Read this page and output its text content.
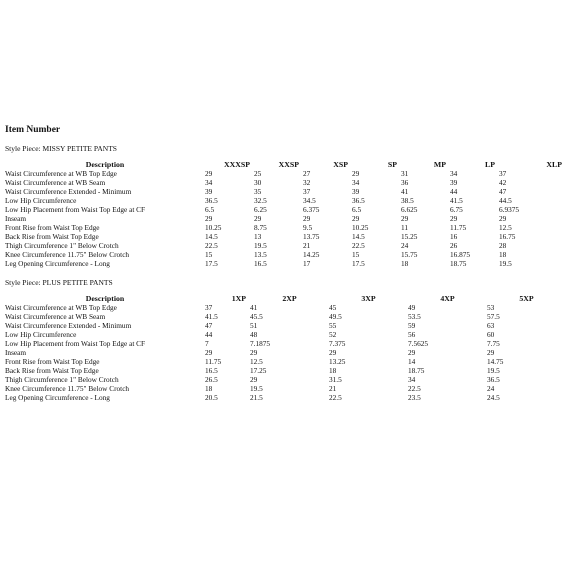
Item Number
Style Piece: MISSY PETITE PANTS
Description	XXXSP	XXSP	XSP	SP	MP	LP	XLP
Waist Circumference at WB Top Edge	29	25	27	29	31	34	37
Waist Circumference at WB Seam	34	30	32	34	36	39	42
Waist Circumference Extended - Minimum	39	35	37	39	41	44	47
Low Hip Circumference	36.5	32.5	34.5	36.5	38.5	41.5	44.5
Low Hip Placement from Waist Top Edge at CF	6.5	6.25	6.375	6.5	6.625	6.75	6.9375
Inseam	29	29	29	29	29	29	29
Front Rise from Waist Top Edge	10.25	8.75	9.5	10.25	11	11.75	12.5
Back Rise from Waist Top Edge	14.5	13	13.75	14.5	15.25	16	16.75
Thigh Circumference 1" Below Crotch	22.5	19.5	21	22.5	24	26	28
Knee Circumference 11.75" Below Crotch	15	13.5	14.25	15	15.75	16.875	18
Leg Opening Circumference - Long	17.5	16.5	17	17.5	18	18.75	19.5
Style Piece: PLUS PETITE PANTS
Description	1XP	2XP	3XP	4XP	5XP
Waist Circumference at WB Top Edge	37	41	45	49	53
Waist Circumference at WB Seam	41.5	45.5	49.5	53.5	57.5
Waist Circumference Extended - Minimum	47	51	55	59	63
Low Hip Circumference	44	48	52	56	60
Low Hip Placement from Waist Top Edge at CF	7	7.1875	7.375	7.5625	7.75
Inseam	29	29	29	29	29
Front Rise from Waist Top Edge	11.75	12.5	13.25	14	14.75
Back Rise from Waist Top Edge	16.5	17.25	18	18.75	19.5
Thigh Circumference 1" Below Crotch	26.5	29	31.5	34	36.5
Knee Circumference 11.75" Below Crotch	18	19.5	21	22.5	24
Leg Opening Circumference - Long	20.5	21.5	22.5	23.5	24.5
